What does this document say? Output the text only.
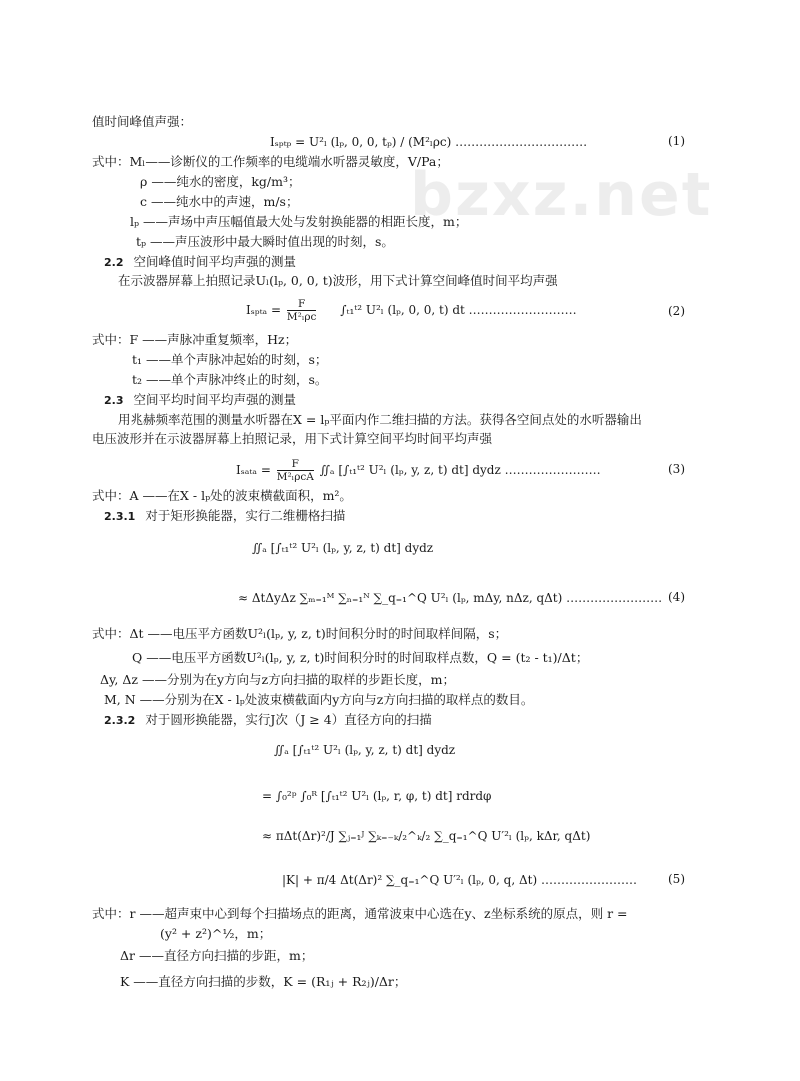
bzxz.net
值时间峰值声强：
Iₛₚₜₚ = U²ₗ (lₚ, 0, 0, tₚ) / (M²ₗρc) ……………………………	(1)
式中：Mₗ——诊断仪的工作频率的电缆端水听器灵敏度，V/Pa；
ρ ——纯水的密度，kg/m³；
c ——纯水中的声速，m/s；
lₚ ——声场中声压幅值最大处与发射换能器的相距长度，m；
tₚ ——声压波形中最大瞬时值出现的时刻，s。
2.2 空间峰值时间平均声强的测量
在示波器屏幕上拍照记录Uₗ(lₚ, 0, 0, t)波形，用下式计算空间峰值时间平均声强
$I_{spta} = \frac{F}{\text{M²ₗρc}}$ ∫ₜ₁ᵗ² U²ₗ (lₚ, 0, 0, t) dt ………………………	(2)
式中：F ——声脉冲重复频率，Hz；
t₁ ——单个声脉冲起始的时刻，s；
t₂ ——单个声脉冲终止的时刻，s。
2.3 空间平均时间平均声强的测量
用兆赫频率范围的测量水听器在X = lₚ平面内作二维扫描的方法。获得各空间点处的水听器输出
电压波形并在示波器屏幕上拍照记录，用下式计算空间平均时间平均声强
$I_{sata} = \frac{F}{\text{M²ₗρcA}}$ ∬ₐ [∫ₜ₁ᵗ² U²ₗ (lₚ, y, z, t) dt] dydz ……………………	(3)
式中：A ——在X - lₚ处的波束横截面积，m²。
2.3.1 对于矩形换能器，实行二维栅格扫描
∬ₐ [∫ₜ₁ᵗ² U²ₗ (lₚ, y, z, t) dt] dydz
≈ ΔtΔyΔz ∑ₘ₌₁ᴹ ∑ₙ₌₁ᴺ ∑_q₌₁^Q U²ₗ (lₚ, mΔy, nΔz, qΔt) …………………… (4)
式中：Δt ——电压平方函数U²ₗ(lₚ, y, z, t)时间积分时的时间取样间隔，s；
Q ——电压平方函数U²ₗ(lₚ, y, z, t)时间积分时的时间取样点数，Q = (t₂ - t₁)/Δt；
Δy, Δz ——分别为在y方向与z方向扫描的取样的步距长度，m；
M, N ——分别为在X - lₚ处波束横截面内y方向与z方向扫描的取样点的数目。
2.3.2 对于圆形换能器，实行J次（J ≥ 4）直径方向的扫描
∬ₐ [∫ₜ₁ᵗ² U²ₗ (lₚ, y, z, t) dt] dydz
= ∫₀²ᵖ ∫₀ᴿ [∫ₜ₁ᵗ² U²ₗ (lₚ, r, φ, t) dt] rdrdφ
≈ πΔt(Δr)²/J ∑ⱼ₌₁ᴶ ∑ₖ₌₋ₖ/₂^ₖ/₂ ∑_q₌₁^Q U′²ₗ (lₚ, kΔr, qΔt)
|K| + π/4 Δt(Δr)² ∑_q₌₁^Q U′²ₗ (lₚ, 0, q, Δt) ……………………	(5)
式中：r ——超声束中心到每个扫描场点的距离，通常波束中心选在y、z坐标系统的原点，则 r =
(y² + z²)^½，m；
Δr ——直径方向扫描的步距，m；
K ——直径方向扫描的步数，K = (R₁ⱼ + R₂ⱼ)/Δr；
